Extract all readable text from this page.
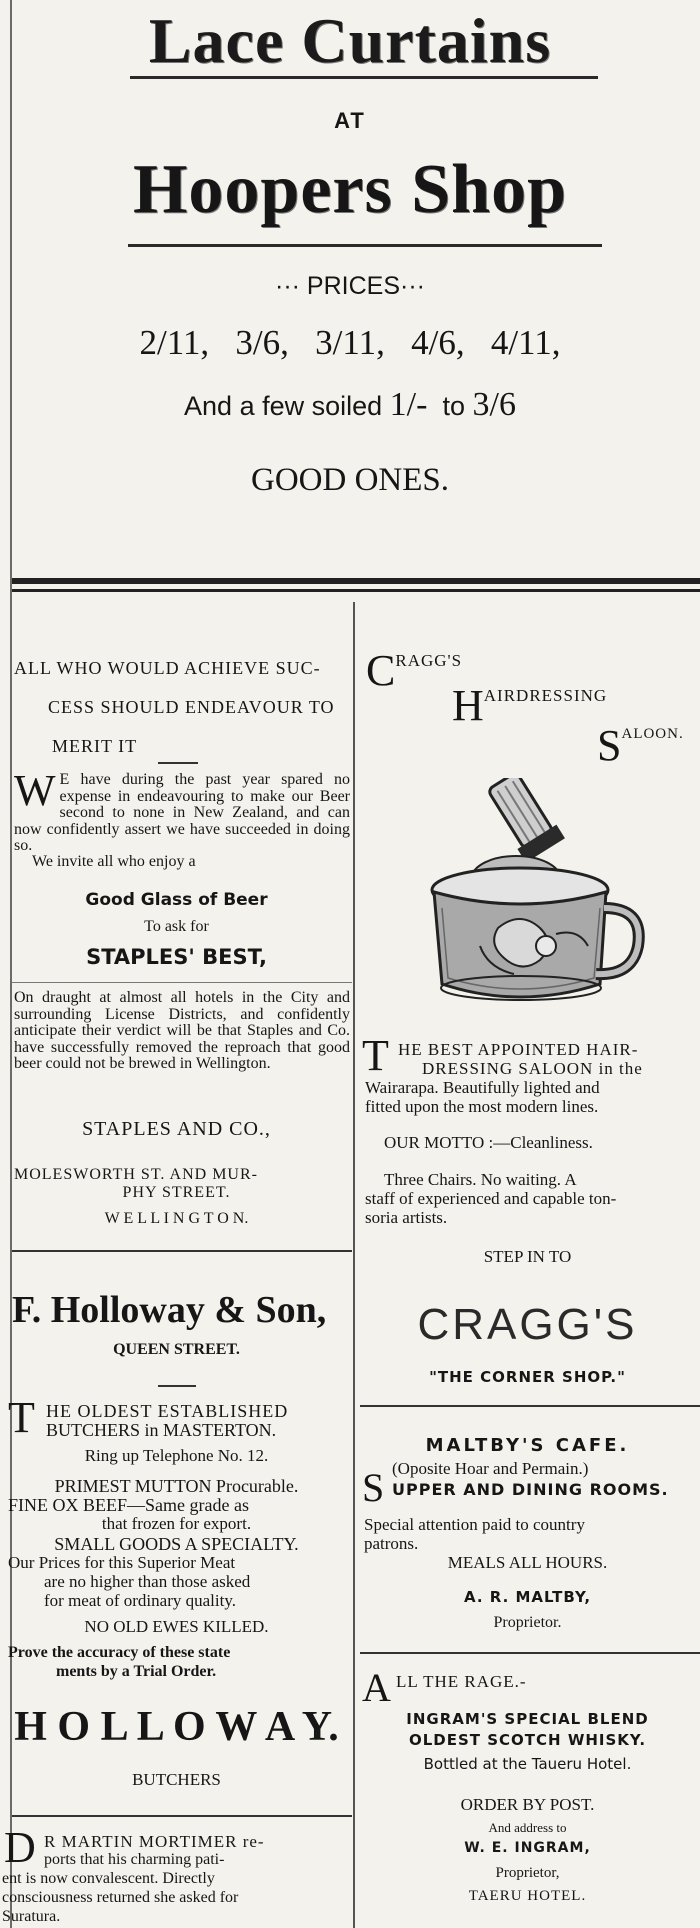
Lace Curtains
AT
Hoopers Shop
··· PRICES···
2/11, 3/6, 3/11, 4/6, 4/11,
And a few soiled 1/- to 3/6
GOOD ONES.
ALL WHO WOULD ACHIEVE SUC-
CESS SHOULD ENDEAVOUR TO
MERIT IT
W E have during the past year spared no expense in endeavouring to make our Beer second to none in New Zealand, and can now confidently assert we have succeeded in doing so.
We invite all who enjoy a
Good Glass of Beer
To ask for
STAPLES' BEST,
On draught at almost all hotels in the City and surrounding License Districts, and confidently anticipate their verdict will be that Staples and Co. have successfully removed the reproach that good beer could not be brewed in Wellington.
STAPLES AND CO.,
MOLESWORTH ST. AND MUR-
PHY STREET.
W E L L I N G T O N.
F. Holloway & Son,
QUEEN STREET.
T HE OLDEST ESTABLISHED
BUTCHERS in MASTERTON.
Ring up Telephone No. 12.
PRIMEST MUTTON Procurable.
FINE OX BEEF—Same grade as
that frozen for export.
SMALL GOODS A SPECIALTY.
Our Prices for this Superior Meat
are no higher than those asked
for meat of ordinary quality.
NO OLD EWES KILLED.
Prove the accuracy of these state
ments by a Trial Order.
H O L L O W A Y.
BUTCHERS
D R MARTIN MORTIMER re-
ports that his charming pati-
ent is now convalescent. Directly
consciousness returned she asked for
Suratura.
CRAGG'S
HAIRDRESSING
SALOON.
T HE BEST APPOINTED HAIR-
DRESSING SALOON in the
Wairarapa. Beautifully lighted and
fitted upon the most modern lines.
OUR MOTTO :—Cleanliness.
Three Chairs. No waiting. A
staff of experienced and capable ton-
soria artists.
STEP IN TO
CRAGG'S
"THE CORNER SHOP."
MALTBY'S CAFE.
(Oposite Hoar and Permain.)
S UPPER AND DINING ROOMS.
Special attention paid to country
patrons.
MEALS ALL HOURS.
A. R. MALTBY,
Proprietor.
A LL THE RAGE.-
INGRAM'S SPECIAL BLEND
OLDEST SCOTCH WHISKY.
Bottled at the Taueru Hotel.
ORDER BY POST.
And address to
W. E. INGRAM,
Proprietor,
TAERU HOTEL.
